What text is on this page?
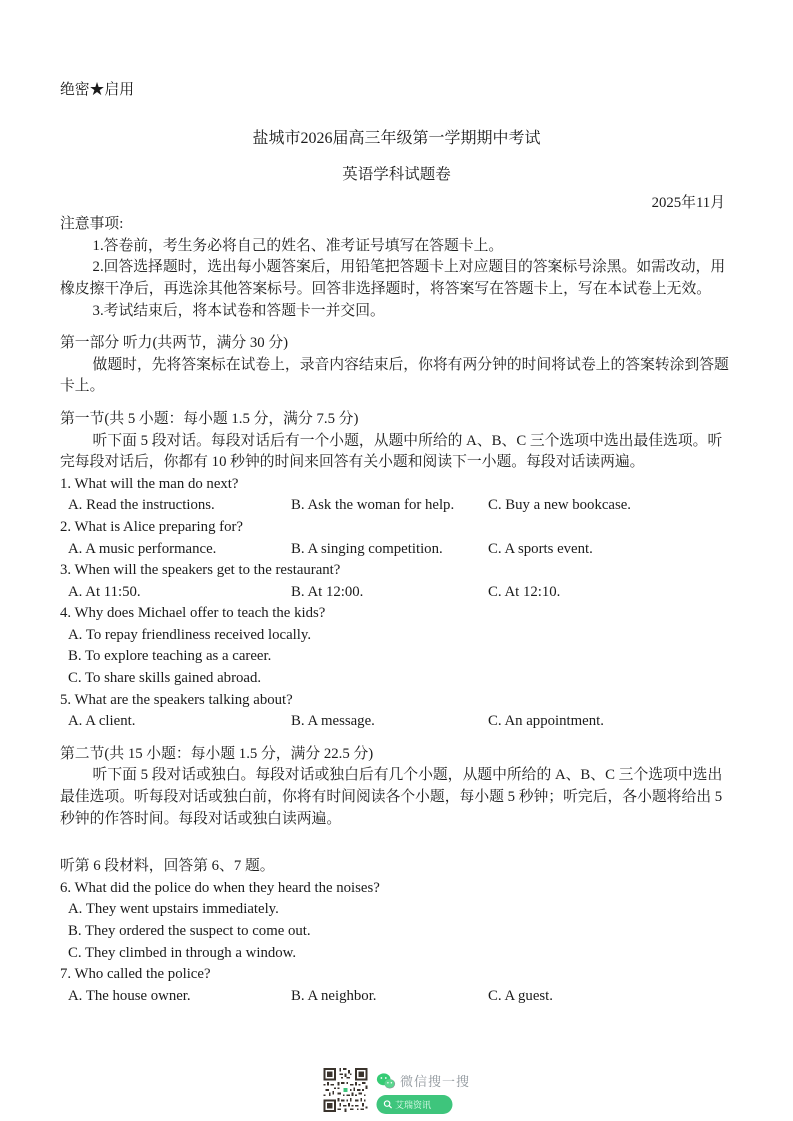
绝密★启用
盐城市2026届高三年级第一学期期中考试
英语学科试题卷
2025年11月

注意事项:

1.答卷前，考生务必将自己的姓名、准考证号填写在答题卡上。

2.回答选择题时，选出每小题答案后，用铅笔把答题卡上对应题目的答案标号涂黑。如需改动，用橡皮擦干净后，再选涂其他答案标号。回答非选择题时，将答案写在答题卡上，写在本试卷上无效。

3.考试结束后，将本试卷和答题卡一并交回。

第一部分 听力(共两节，满分 30 分)

做题时，先将答案标在试卷上，录音内容结束后，你将有两分钟的时间将试卷上的答案转涂到答题卡上。

第一节(共 5 小题：每小题 1.5 分，满分 7.5 分)

听下面 5 段对话。每段对话后有一个小题，从题中所给的 A、B、C 三个选项中选出最佳选项。听完每段对话后，你都有 10 秒钟的时间来回答有关小题和阅读下一小题。每段对话读两遍。

1. What will the man do next?

A. Read the instructions.	B. Ask the woman for help.	C. Buy a new bookcase.

2. What is Alice preparing for?

A. A music performance.	B. A singing competition.	C. A sports event.

3. When will the speakers get to the restaurant?

A. At 11:50.	B. At 12:00.	C. At 12:10.

4. Why does Michael offer to teach the kids?

A. To repay friendliness received locally.
B. To explore teaching as a career.
C. To share skills gained abroad.

5. What are the speakers talking about?

A. A client.	B. A message.	C. An appointment.

第二节(共 15 小题：每小题 1.5 分，满分 22.5 分)

听下面 5 段对话或独白。每段对话或独白后有几个小题，从题中所给的 A、B、C 三个选项中选出最佳选项。听每段对话或独白前，你将有时间阅读各个小题，每小题 5 秒钟；听完后，各小题将给出 5 秒钟的作答时间。每段对话或独白读两遍。

听第 6 段材料，回答第 6、7 题。

6. What did the police do when they heard the noises?

A. They went upstairs immediately.
B. They ordered the suspect to come out.
C. They climbed in through a window.

7. Who called the police?

A. The house owner.	B. A neighbor.	C. A guest.
微信搜一搜
艾瑞资讯
